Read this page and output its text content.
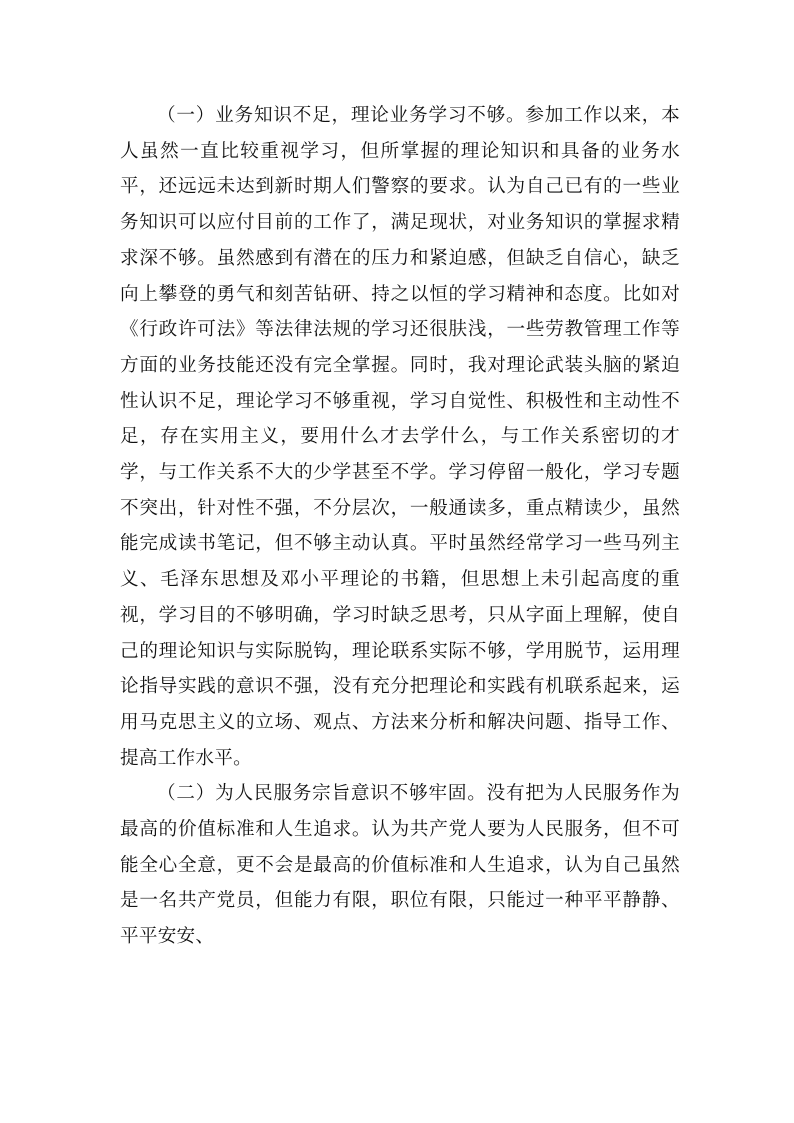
（一）业务知识不足，理论业务学习不够。参加工作以来，本人虽然一直比较重视学习，但所掌握的理论知识和具备的业务水平，还远远未达到新时期人们警察的要求。认为自己已有的一些业务知识可以应付目前的工作了，满足现状，对业务知识的掌握求精求深不够。虽然感到有潜在的压力和紧迫感，但缺乏自信心，缺乏向上攀登的勇气和刻苦钻研、持之以恒的学习精神和态度。比如对《行政许可法》等法律法规的学习还很肤浅，一些劳教管理工作等方面的业务技能还没有完全掌握。同时，我对理论武装头脑的紧迫性认识不足，理论学习不够重视，学习自觉性、积极性和主动性不足，存在实用主义，要用什么才去学什么，与工作关系密切的才学，与工作关系不大的少学甚至不学。学习停留一般化，学习专题不突出，针对性不强，不分层次，一般通读多，重点精读少，虽然能完成读书笔记，但不够主动认真。平时虽然经常学习一些马列主义、毛泽东思想及邓小平理论的书籍，但思想上未引起高度的重视，学习目的不够明确，学习时缺乏思考，只从字面上理解，使自己的理论知识与实际脱钩，理论联系实际不够，学用脱节，运用理论指导实践的意识不强，没有充分把理论和实践有机联系起来，运用马克思主义的立场、观点、方法来分析和解决问题、指导工作、提高工作水平。

（二）为人民服务宗旨意识不够牢固。没有把为人民服务作为最高的价值标准和人生追求。认为共产党人要为人民服务，但不可能全心全意，更不会是最高的价值标准和人生追求，认为自己虽然是一名共产党员，但能力有限，职位有限，只能过一种平平静静、平平安安、
